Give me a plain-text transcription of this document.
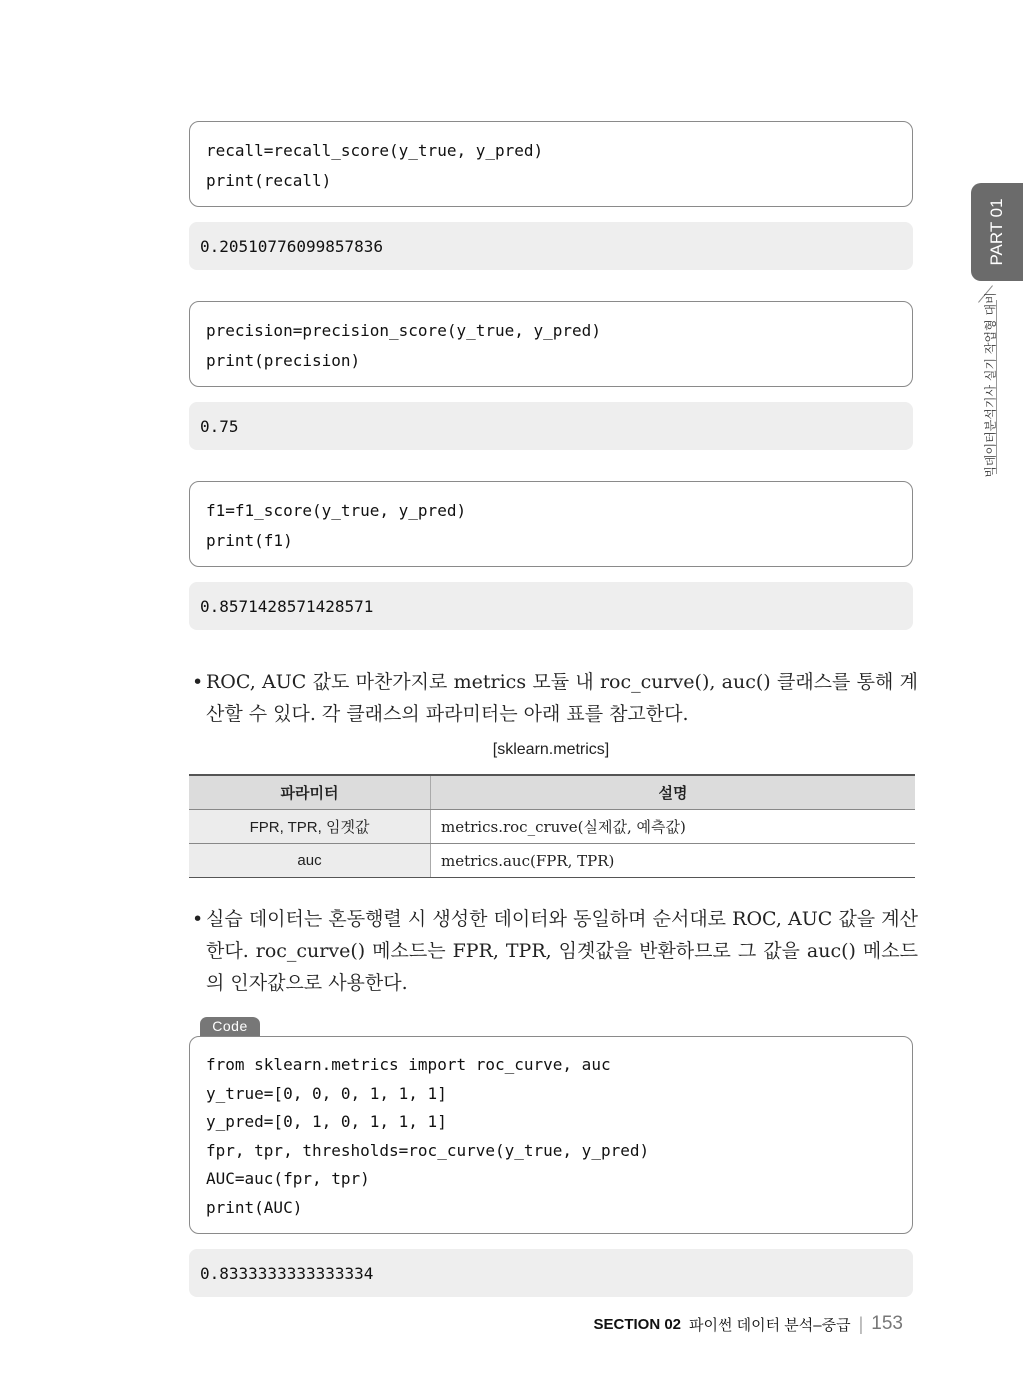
recall=recall_score(y_true, y_pred)
print(recall)
0.20510776099857836
precision=precision_score(y_true, y_pred)
print(precision)
0.75
f1=f1_score(y_true, y_pred)
print(f1)
0.8571428571428571
• ROC, AUC 값도 마찬가지로 metrics 모듈 내 roc_curve(), auc() 클래스를 통해 계산할 수 있다. 각 클래스의 파라미터는 아래 표를 참고한다.
[sklearn.metrics]
파라미터	설명
FPR, TPR, 임곗값	metrics.roc_cruve(실제값, 예측값)
auc	metrics.auc(FPR, TPR)
• 실습 데이터는 혼동행렬 시 생성한 데이터와 동일하며 순서대로 ROC, AUC 값을 계산한다. roc_curve() 메소드는 FPR, TPR, 임곗값을 반환하므로 그 값을 auc() 메소드의 인자값으로 사용한다.
Code
from sklearn.metrics import roc_curve, auc
y_true=[0, 0, 0, 1, 1, 1]
y_pred=[0, 1, 0, 1, 1, 1]
fpr, tpr, thresholds=roc_curve(y_true, y_pred)
AUC=auc(fpr, tpr)
print(AUC)
0.8333333333333334
PART 01
빅데이터분석기사 실기 작업형 대비
SECTION 02 파이썬 데이터 분석–중급 | 153
